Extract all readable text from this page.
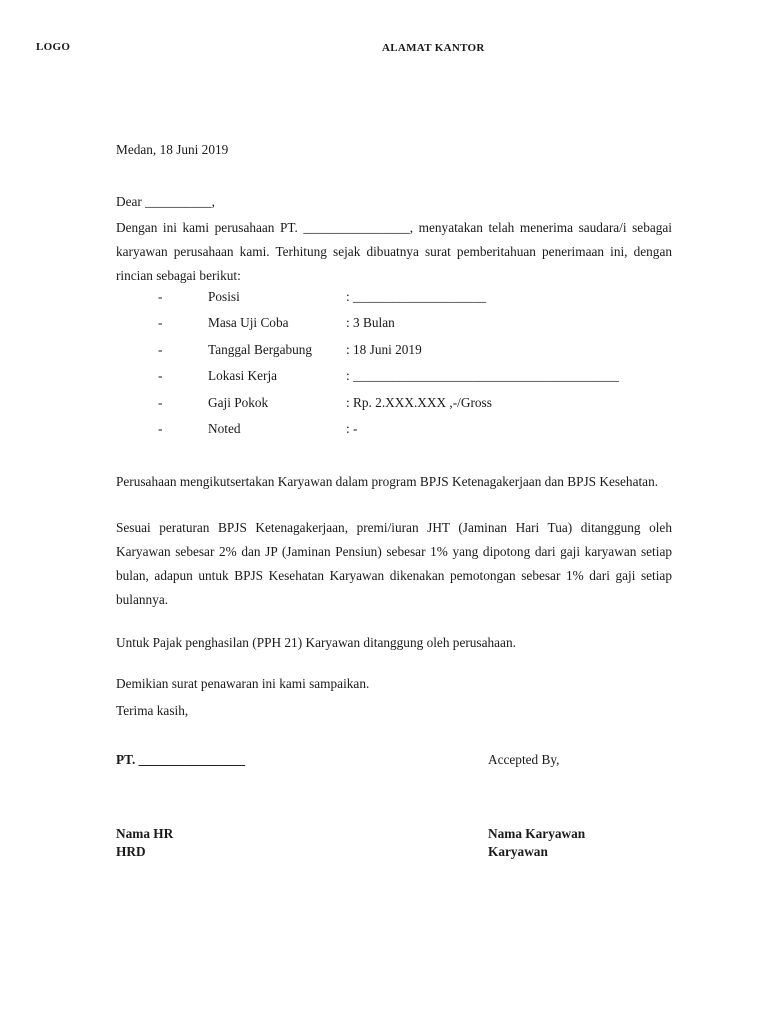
LOGO	ALAMAT KANTOR
Medan, 18 Juni 2019
Dear __________,
Dengan ini kami perusahaan PT. ________________, menyatakan telah menerima saudara/i sebagai karyawan perusahaan kami. Terhitung sejak dibuatnya surat pemberitahuan penerimaan ini, dengan rincian sebagai berikut:
-	Posisi	: ____________________
-	Masa Uji Coba	: 3 Bulan
-	Tanggal Bergabung	: 18 Juni 2019
-	Lokasi Kerja	: ________________________________________
-	Gaji Pokok	: Rp. 2.XXX.XXX ,-/Gross
-	Noted	: -
Perusahaan mengikutsertakan Karyawan dalam program BPJS Ketenagakerjaan dan BPJS Kesehatan.
Sesuai peraturan BPJS Ketenagakerjaan, premi/iuran JHT (Jaminan Hari Tua) ditanggung oleh Karyawan sebesar 2% dan JP (Jaminan Pensiun) sebesar 1% yang dipotong dari gaji karyawan setiap bulan, adapun untuk BPJS Kesehatan Karyawan dikenakan pemotongan sebesar 1% dari gaji setiap bulannya.
Untuk Pajak penghasilan (PPH 21) Karyawan ditanggung oleh perusahaan.
Demikian surat penawaran ini kami sampaikan.
Terima kasih,
PT. ________________	Accepted By,
Nama HR
HRD
Nama Karyawan
Karyawan
